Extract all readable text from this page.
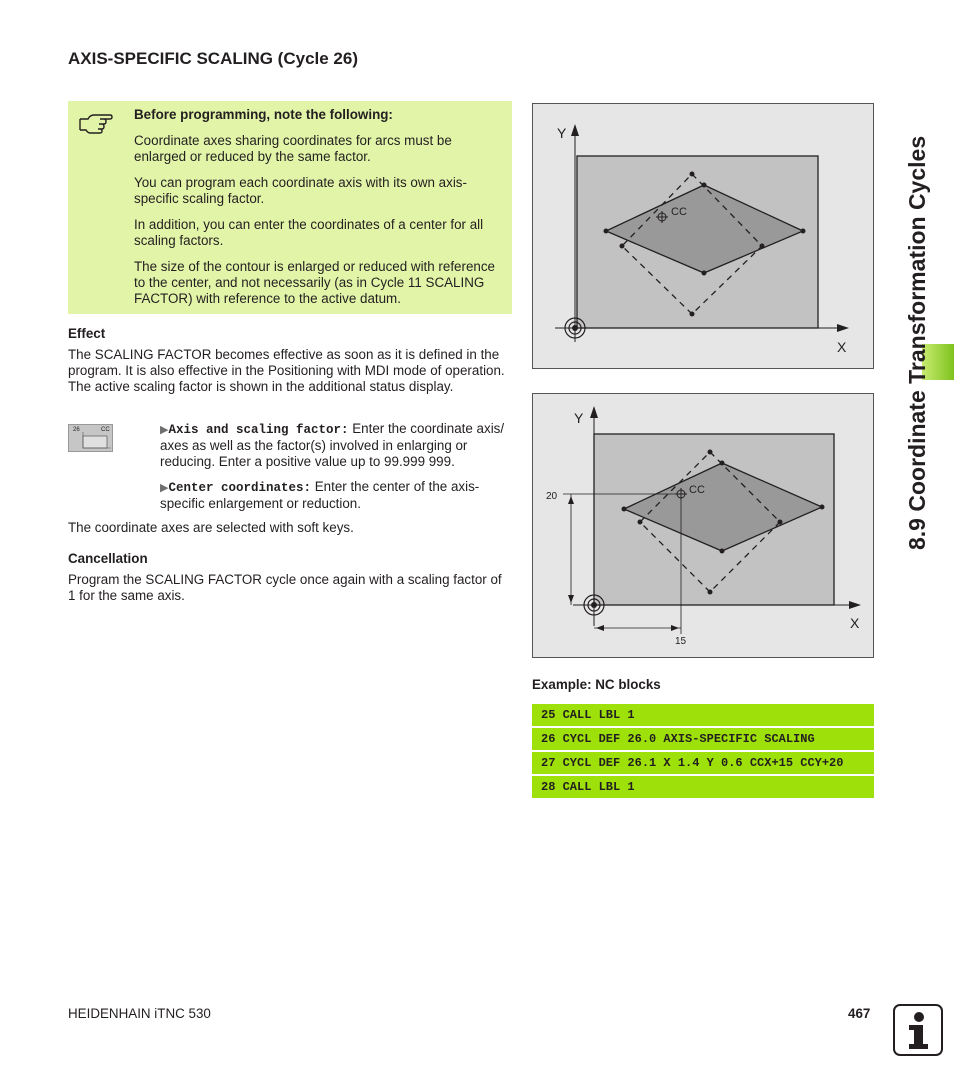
AXIS-SPECIFIC SCALING (Cycle 26)

Before programming, note the following:

Coordinate axes sharing coordinates for arcs must be enlarged or reduced by the same factor.

You can program each coordinate axis with its own axis-specific scaling factor.

In addition, you can enter the coordinates of a center for all scaling factors.

The size of the contour is enlarged or reduced with reference to the center, and not necessarily (as in Cycle 11 SCALING FACTOR) with reference to the active datum.

Effect
The SCALING FACTOR becomes effective as soon as it is defined in the program. It is also effective in the Positioning with MDI mode of operation. The active scaling factor is shown in the additional status display.
26	CC	▶Axis and scaling factor: Enter the coordinate axis/ axes as well as the factor(s) involved in enlarging or reducing. Enter a positive value up to 99.999 999.
▶Center coordinates: Enter the center of the axis-specific enlargement or reduction.
The coordinate axes are selected with soft keys.
Cancellation
Program the SCALING FACTOR cycle once again with a scaling factor of 1 for the same axis.
Y
X
CC
Y
X
CC
20
15
Example: NC blocks
25 CALL LBL 1
26 CYCL DEF 26.0 AXIS-SPECIFIC SCALING
27 CYCL DEF 26.1 X 1.4 Y 0.6 CCX+15 CCY+20
28 CALL LBL 1
8.9 Coordinate Transformation Cycles
HEIDENHAIN iTNC 530	467
